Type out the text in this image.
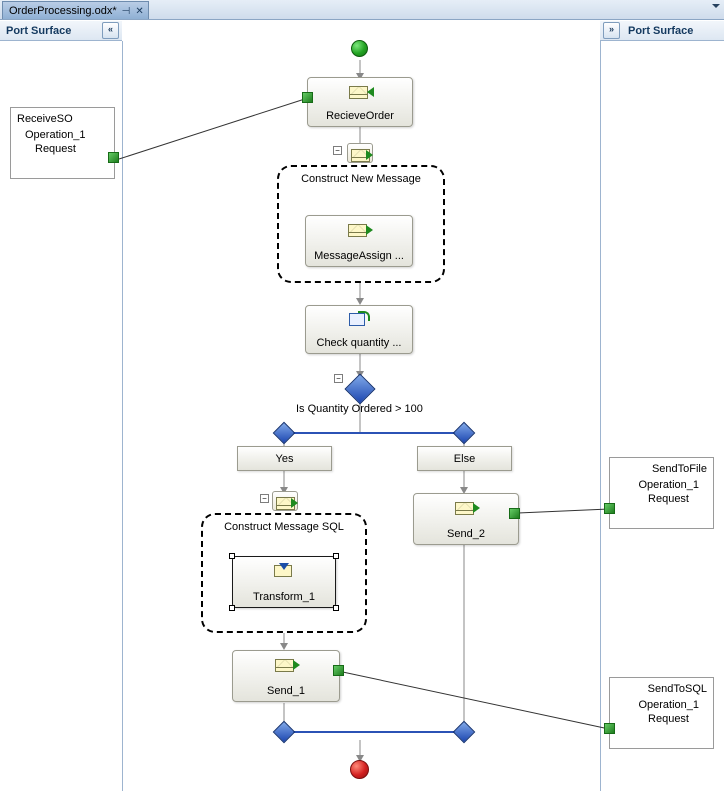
OrderProcessing.odx* ⊣ ✕
Port Surface	«	»	Port Surface
ReceiveSO
Operation_1
Request
SendToFile
Operation_1
Request
SendToSQL
Operation_1
Request
RecieveOrder
−
Construct New Message
MessageAssign ...
Check quantity ...
−
Is Quantity Ordered > 100
Yes	Else
−
Construct Message SQL
Transform_1
Send_1
Send_2
